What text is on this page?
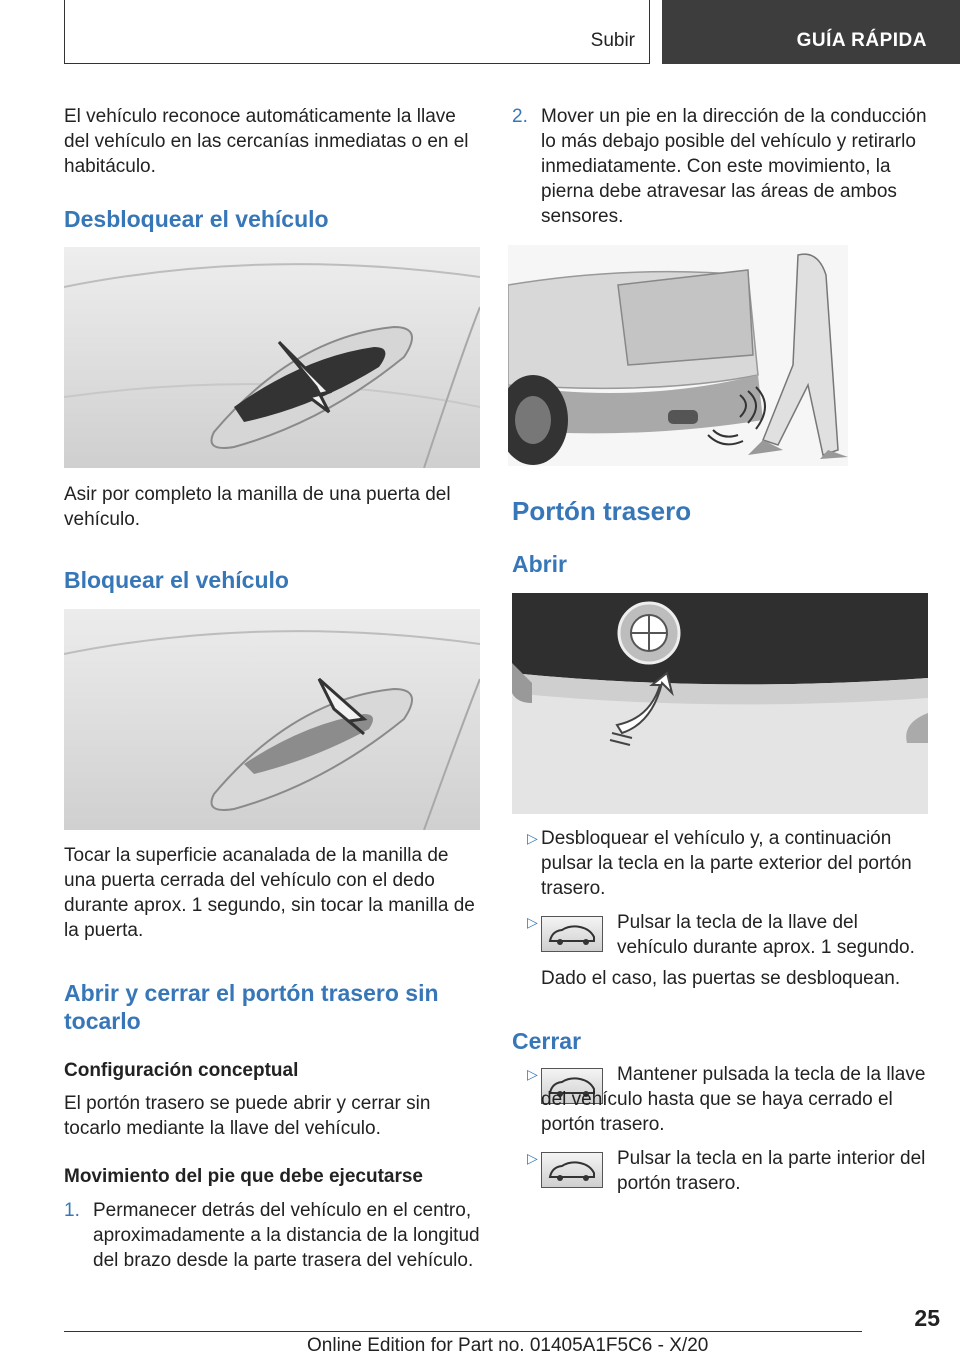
Subir	GUÍA RÁPIDA
El vehículo reconoce automáticamente la llave del vehículo en las cercanías inmediatas o en el habitáculo.
Desbloquear el vehículo
Asir por completo la manilla de una puerta del vehículo.
Bloquear el vehículo
Tocar la superficie acanalada de la manilla de una puerta cerrada del vehículo con el dedo durante aprox. 1 segundo, sin tocar la manilla de la puerta.
Abrir y cerrar el portón trasero sin tocarlo
Configuración conceptual
El portón trasero se puede abrir y cerrar sin tocarlo mediante la llave del vehículo.
Movimiento del pie que debe ejecutarse
1. Permanecer detrás del vehículo en el centro, aproximadamente a la distancia de la longitud del brazo desde la parte trasera del vehículo.
2. Mover un pie en la dirección de la conducción lo más debajo posible del vehículo y retirarlo inmediatamente. Con este movimiento, la pierna debe atravesar las áreas de ambos sensores.
Portón trasero
Abrir
▷ Desbloquear el vehículo y, a continuación pulsar la tecla en la parte exterior del portón trasero.
▷	Pulsar la tecla de la llave del vehículo durante aprox. 1 segundo.
Dado el caso, las puertas se desbloquean.
Cerrar
▷	Mantener pulsada la tecla de la llave del vehículo hasta que se haya cerrado el portón trasero.
▷	Pulsar la tecla en la parte interior del portón trasero.
25
Online Edition for Part no. 01405A1F5C6 - X/20
